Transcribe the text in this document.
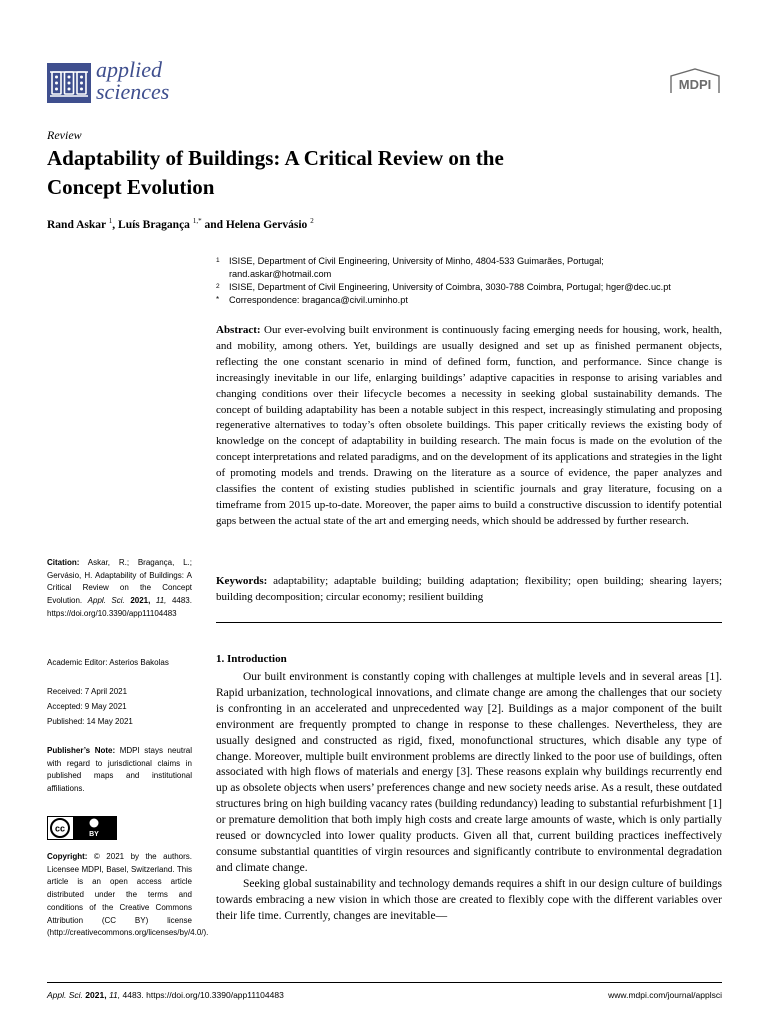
applied
sciences	MDPI
Review
Adaptability of Buildings: A Critical Review on the
Concept Evolution
Rand Askar $^1$, Luís Bragança $^{1,*}$ and Helena Gervásio $^2$
1 ISISE, Department of Civil Engineering, University of Minho, 4804-533 Guimarães, Portugal;
rand.askar@hotmail.com
2 ISISE, Department of Civil Engineering, University of Coimbra, 3030-788 Coimbra, Portugal; hger@dec.uc.pt
* Correspondence: braganca@civil.uminho.pt
Abstract: Our ever-evolving built environment is continuously facing emerging needs for housing, work, health, and mobility, among others. Yet, buildings are usually designed and set up as finished permanent objects, reflecting the one constant scenario in mind of defined form, function, and performance. Since change is increasingly inevitable in our life, enlarging buildings’ adaptive capacities in response to arising variables and changing conditions over their lifecycle becomes a necessity in seeking global sustainability demands. The concept of building adaptability has been a notable subject in this respect, increasingly stimulating and proposing regenerative alternatives to today’s often obsolete buildings. This paper critically reviews the existing body of knowledge on the concept of adaptability in building research. The main focus is made on the evolution of the concept interpretations and related paradigms, and on the development of its applications and strategies in the light of promoting models and trends. Drawing on the literature as a source of evidence, the paper analyzes and classifies the content of existing studies published in scientific journals and gray literature, focusing on a timeframe from 2015 up-to-date. Moreover, the paper aims to build a constructive discussion to identify potential gaps between the actual state of the art and emerging needs, which should be addressed by further research.
Keywords: adaptability; adaptable building; building adaptation; flexibility; open building; shearing layers; building decomposition; circular economy; resilient building
Citation: Askar, R.; Bragança, L.; Gervásio, H. Adaptability of Buildings: A Critical Review on the Concept Evolution. Appl. Sci. 2021, 11, 4483. https://doi.org/10.3390/app11104483
Academic Editor: Asterios Bakolas
Received: 7 April 2021
Accepted: 9 May 2021
Published: 14 May 2021
Publisher’s Note: MDPI stays neutral with regard to jurisdictional claims in published maps and institutional affiliations.
cc
BY
Copyright: © 2021 by the authors. Licensee MDPI, Basel, Switzerland. This article is an open access article distributed under the terms and conditions of the Creative Commons Attribution (CC BY) license (http://creativecommons.org/licenses/by/4.0/).
1. Introduction

Our built environment is constantly coping with challenges at multiple levels and in several areas [1]. Rapid urbanization, technological innovations, and climate change are among the challenges that our society is confronting in an accelerated and unprecedented way [2]. Buildings as a major component of the built environment are frequently prompted to change in response to these challenges. Nevertheless, they are usually designed and constructed as rigid, fixed, monofunctional structures, which disable any type of change. Moreover, multiple built environment problems are directly linked to the poor use of buildings, often associated with high flows of materials and energy [3]. These reasons explain why buildings recurrently end up as obsolete objects when users’ preferences change and new society needs arise. As a result, these outdated structures bring on high building vacancy rates (building redundancy) leading to substantial refurbishment [1] or premature demolition that both imply high costs and create large amounts of waste, which is only partially reused or downcycled into lower quality products. Given all that, current building practices ineffectively consume substantial quantities of virgin resources and significantly contribute to environmental degradation and climate change.

Seeking global sustainability and technology demands requires a shift in our design culture of buildings towards embracing a new vision in which those are created to flexibly cope with the different variables over their life time. Currently, changes are inevitable—

Appl. Sci. 2021, 11, 4483. https://doi.org/10.3390/app11104483	www.mdpi.com/journal/applsci
